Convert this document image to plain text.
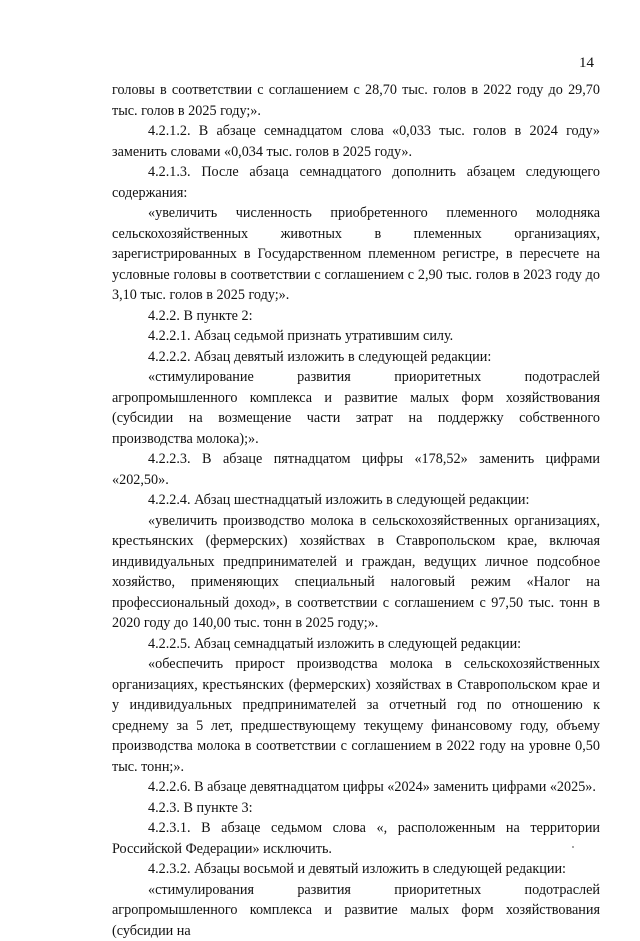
14

головы в соответствии с соглашением с 28,70 тыс. голов в 2022 году до 29,70 тыс. голов в 2025 году;».

4.2.1.2. В абзаце семнадцатом слова «0,033 тыс. голов в 2024 году» заменить словами «0,034 тыс. голов в 2025 году».

4.2.1.3. После абзаца семнадцатого дополнить абзацем следующего содержания:

«увеличить численность приобретенного племенного молодняка сельскохозяйственных животных в племенных организациях, зарегистрированных в Государственном племенном регистре, в пересчете на условные головы в соответствии с соглашением с 2,90 тыс. голов в 2023 году до 3,10 тыс. голов в 2025 году;».

4.2.2. В пункте 2:

4.2.2.1. Абзац седьмой признать утратившим силу.

4.2.2.2. Абзац девятый изложить в следующей редакции:

«стимулирование развития приоритетных подотраслей агропромышленного комплекса и развитие малых форм хозяйствования (субсидии на возмещение части затрат на поддержку собственного производства молока);».

4.2.2.3. В абзаце пятнадцатом цифры «178,52» заменить цифрами «202,50».

4.2.2.4. Абзац шестнадцатый изложить в следующей редакции:

«увеличить производство молока в сельскохозяйственных организациях, крестьянских (фермерских) хозяйствах в Ставропольском крае, включая индивидуальных предпринимателей и граждан, ведущих личное подсобное хозяйство, применяющих специальный налоговый режим «Налог на профессиональный доход», в соответствии с соглашением с 97,50 тыс. тонн в 2020 году до 140,00 тыс. тонн в 2025 году;».

4.2.2.5. Абзац семнадцатый изложить в следующей редакции:

«обеспечить прирост производства молока в сельскохозяйственных организациях, крестьянских (фермерских) хозяйствах в Ставропольском крае и у индивидуальных предпринимателей за отчетный год по отношению к среднему за 5 лет, предшествующему текущему финансовому году, объему производства молока в соответствии с соглашением в 2022 году на уровне 0,50 тыс. тонн;».

4.2.2.6. В абзаце девятнадцатом цифры «2024» заменить цифрами «2025».

4.2.3. В пункте 3:

4.2.3.1. В абзаце седьмом слова «, расположенным на территории Российской Федерации» исключить.

4.2.3.2. Абзацы восьмой и девятый изложить в следующей редакции:

«стимулирования развития приоритетных подотраслей агропромышленного комплекса и развитие малых форм хозяйствования (субсидии на
